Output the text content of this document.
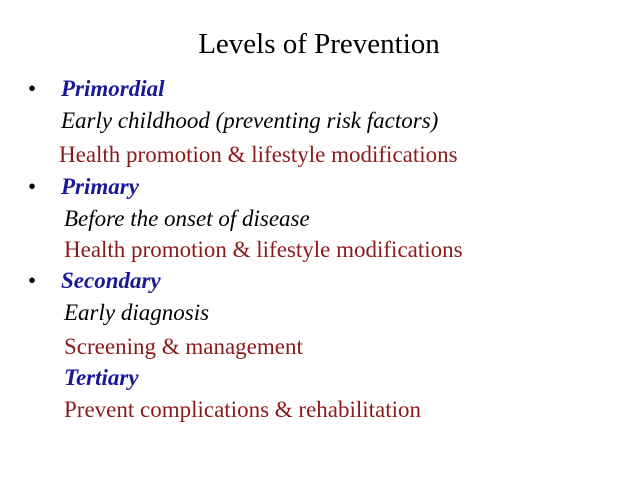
Levels of Prevention
• Primordial
Early childhood (preventing risk factors)
Health promotion & lifestyle modifications
• Primary
Before the onset of disease
Health promotion & lifestyle modifications
• Secondary
Early diagnosis
Screening & management
Tertiary
Prevent complications & rehabilitation
